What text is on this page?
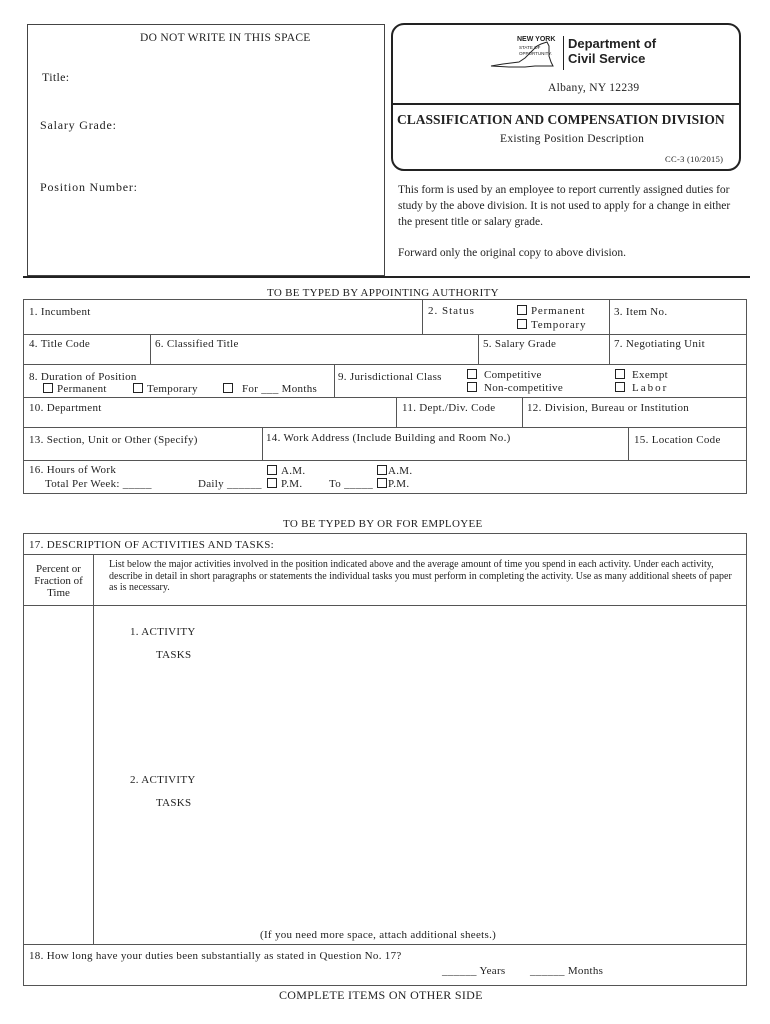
DO NOT WRITE IN THIS SPACE
Title:
Salary Grade:
Position Number:
NEW YORK
STATE OF
OPPORTUNITY.
Department of
Civil Service
Albany, NY 12239
CLASSIFICATION AND COMPENSATION DIVISION
Existing Position Description
CC-3 (10/2015)
This form is used by an employee to report currently assigned duties for study by the above division. It is not used to apply for a change in either the present title or salary grade.
Forward only the original copy to above division.
TO BE TYPED BY APPOINTING AUTHORITY
1. Incumbent	2. Status	Permanent
Temporary
3. Item No.
4. Title Code	6. Classified Title	5. Salary Grade	7. Negotiating Unit
8. Duration of Position
Permanent	Temporary	For ___ Months
9. Jurisdictional Class	Competitive
Non-competitive
Exempt
Labor
10. Department	11. Dept./Div. Code	12. Division, Bureau or Institution
13. Section, Unit or Other (Specify)	14. Work Address (Include Building and Room No.)	15. Location Code
16. Hours of Work
Total Per Week: _____	Daily ______
A.M.
P.M. To _____
A.M.
P.M.
TO BE TYPED BY OR FOR EMPLOYEE
17. DESCRIPTION OF ACTIVITIES AND TASKS:
Percent or
Fraction of
Time
List below the major activities involved in the position indicated above and the average amount of time you spend in each activity. Under each activity, describe in detail in short paragraphs or statements the individual tasks you must perform in completing the activity. Use as many additional sheets of paper as is necessary.
1. ACTIVITY
TASKS
2. ACTIVITY
TASKS
(If you need more space, attach additional sheets.)
18. How long have your duties been substantially as stated in Question No. 17?
______ Years ______ Months
COMPLETE ITEMS ON OTHER SIDE
